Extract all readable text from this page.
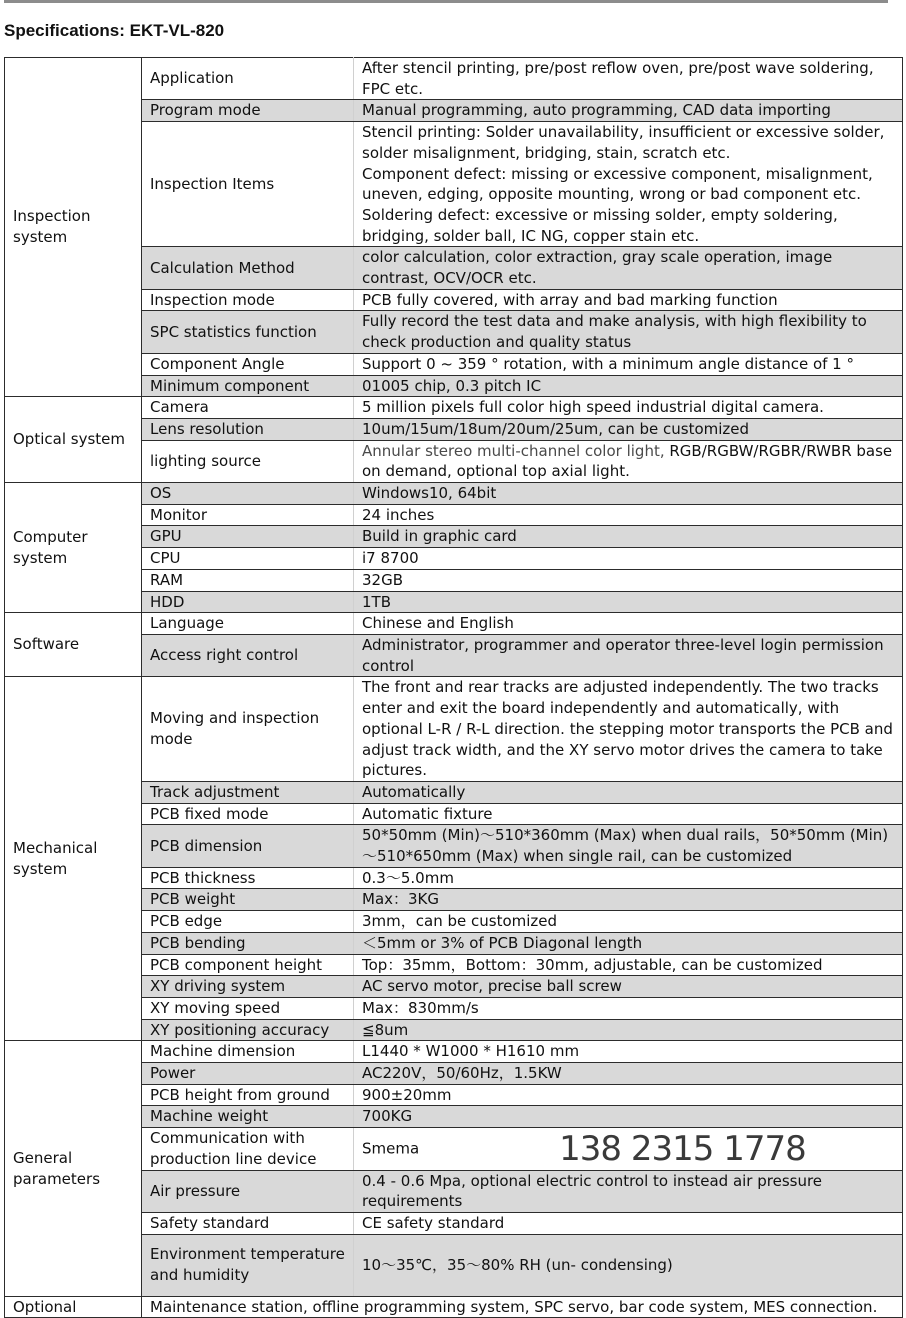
Specifications: EKT-VL-820
Inspection system	Application	After stencil printing, pre/post reflow oven, pre/post wave soldering, FPC etc.
	Program mode	Manual programming, auto programming, CAD data importing
	Inspection Items	Stencil printing: Solder unavailability, insufficient or excessive solder, solder misalignment, bridging, stain, scratch etc.
Component defect: missing or excessive component, misalignment, uneven, edging, opposite mounting, wrong or bad component etc.
Soldering defect: excessive or missing solder, empty soldering, bridging, solder ball, IC NG, copper stain etc.

	Calculation Method	color calculation, color extraction, gray scale operation, image contrast, OCV/OCR etc.
	Inspection mode	PCB fully covered, with array and bad marking function
	SPC statistics function	Fully record the test data and make analysis, with high flexibility to check production and quality status
	Component Angle	Support 0 ~ 359 ° rotation, with a minimum angle distance of 1 °
	Minimum component	01005 chip, 0.3 pitch IC
Optical system	Camera	5 million pixels full color high speed industrial digital camera.
	Lens resolution	10um/15um/18um/20um/25um, can be customized
	lighting source	Annular stereo multi-channel color light, RGB/RGBW/RGBR/RWBR base on demand, optional top axial light.
Computer system	OS	Windows10, 64bit
	Monitor	24 inches
	GPU	Build in graphic card
	CPU	i7 8700
	RAM	32GB
	HDD	1TB
Software	Language	Chinese and English
	Access right control	Administrator, programmer and operator three-level login permission control
Mechanical system	Moving and inspection mode	The front and rear tracks are adjusted independently. The two tracks enter and exit the board independently and automatically, with optional L-R / R-L direction. the stepping motor transports the PCB and adjust track width, and the XY servo motor drives the camera to take pictures.
	Track adjustment	Automatically
	PCB fixed mode	Automatic fixture
	PCB dimension	50*50mm (Min)～510*360mm (Max) when dual rails，50*50mm (Min)～510*650mm (Max) when single rail, can be customized
	PCB thickness	0.3～5.0mm
	PCB weight	Max：3KG
	PCB edge	3mm，can be customized
	PCB bending	＜5mm or 3% of PCB Diagonal length
	PCB component height	Top：35mm，Bottom：30mm, adjustable, can be customized
	XY driving system	AC servo motor, precise ball screw
	XY moving speed	Max：830mm/s
	XY positioning accuracy	≦8um
General parameters	Machine dimension	L1440 * W1000 * H1610 mm
	Power	AC220V，50/60Hz，1.5KW
	PCB height from ground	900±20mm
	Machine weight	700KG
	Communication with production line device	Smema 138 2315 1778
	Air pressure	0.4 - 0.6 Mpa, optional electric control to instead air pressure requirements
	Safety standard	CE safety standard
	Environment temperature and humidity	10～35℃，35～80% RH (un- condensing)
Optional	Maintenance station, offline programming system, SPC servo, bar code system, MES connection.	
